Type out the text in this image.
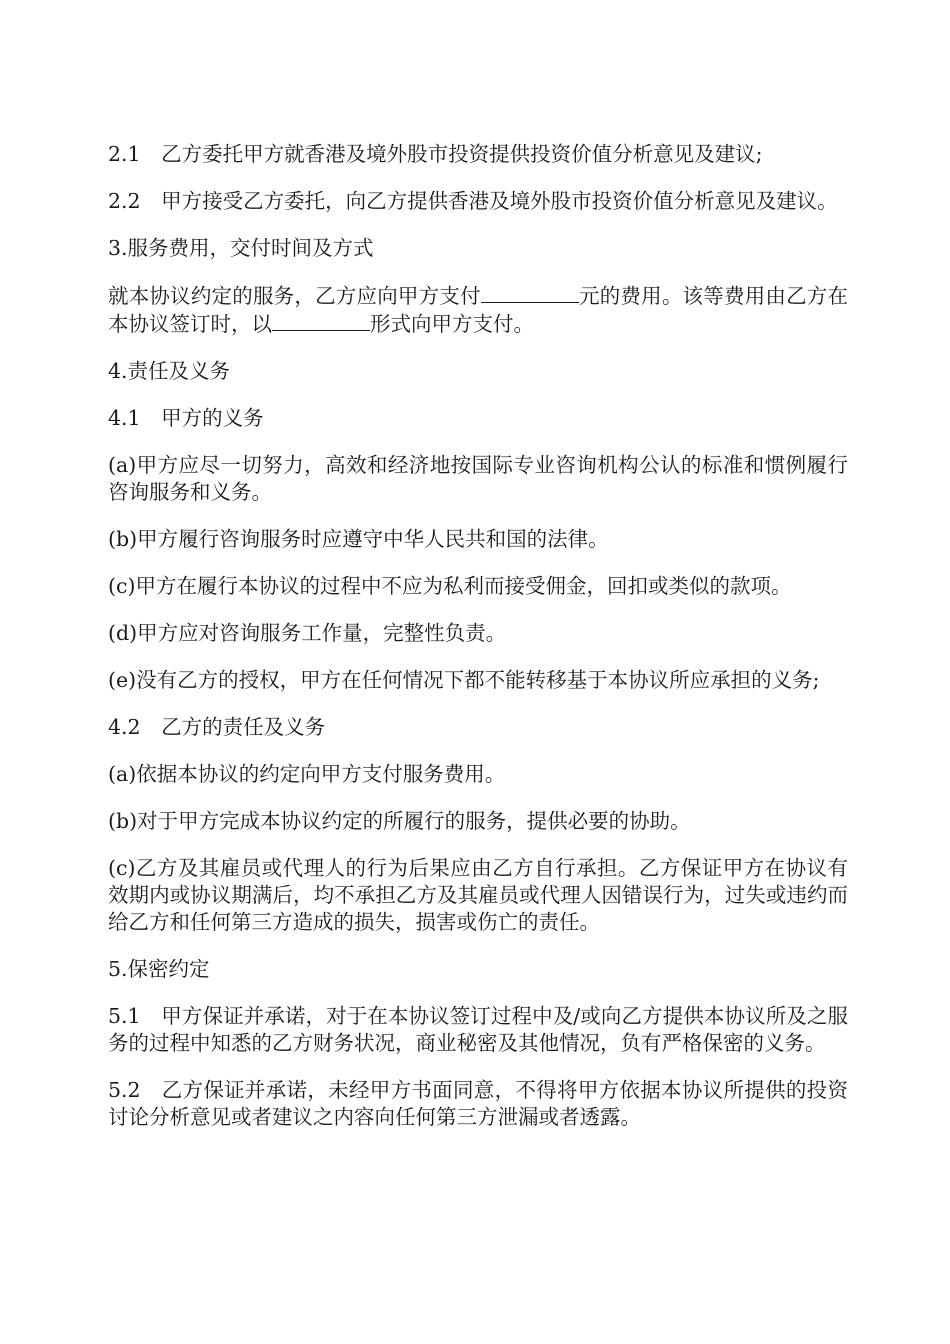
2.1　乙方委托甲方就香港及境外股市投资提供投资价值分析意见及建议;

2.2　甲方接受乙方委托，向乙方提供香港及境外股市投资价值分析意见及建议。

3.服务费用，交付时间及方式

就本协议约定的服务，乙方应向甲方支付	元的费用。该等费用由乙方在本协议签订时，以	形式向甲方支付。

4.责任及义务

4.1　甲方的义务

(a)甲方应尽一切努力，高效和经济地按国际专业咨询机构公认的标准和惯例履行咨询服务和义务。

(b)甲方履行咨询服务时应遵守中华人民共和国的法律。

(c)甲方在履行本协议的过程中不应为私利而接受佣金，回扣或类似的款项。

(d)甲方应对咨询服务工作量，完整性负责。

(e)没有乙方的授权，甲方在任何情况下都不能转移基于本协议所应承担的义务;

4.2　乙方的责任及义务

(a)依据本协议的约定向甲方支付服务费用。

(b)对于甲方完成本协议约定的所履行的服务，提供必要的协助。

(c)乙方及其雇员或代理人的行为后果应由乙方自行承担。乙方保证甲方在协议有效期内或协议期满后，均不承担乙方及其雇员或代理人因错误行为，过失或违约而给乙方和任何第三方造成的损失，损害或伤亡的责任。

5.保密约定

5.1　甲方保证并承诺，对于在本协议签订过程中及/或向乙方提供本协议所及之服务的过程中知悉的乙方财务状况，商业秘密及其他情况，负有严格保密的义务。

5.2　乙方保证并承诺，未经甲方书面同意，不得将甲方依据本协议所提供的投资讨论分析意见或者建议之内容向任何第三方泄漏或者透露。
